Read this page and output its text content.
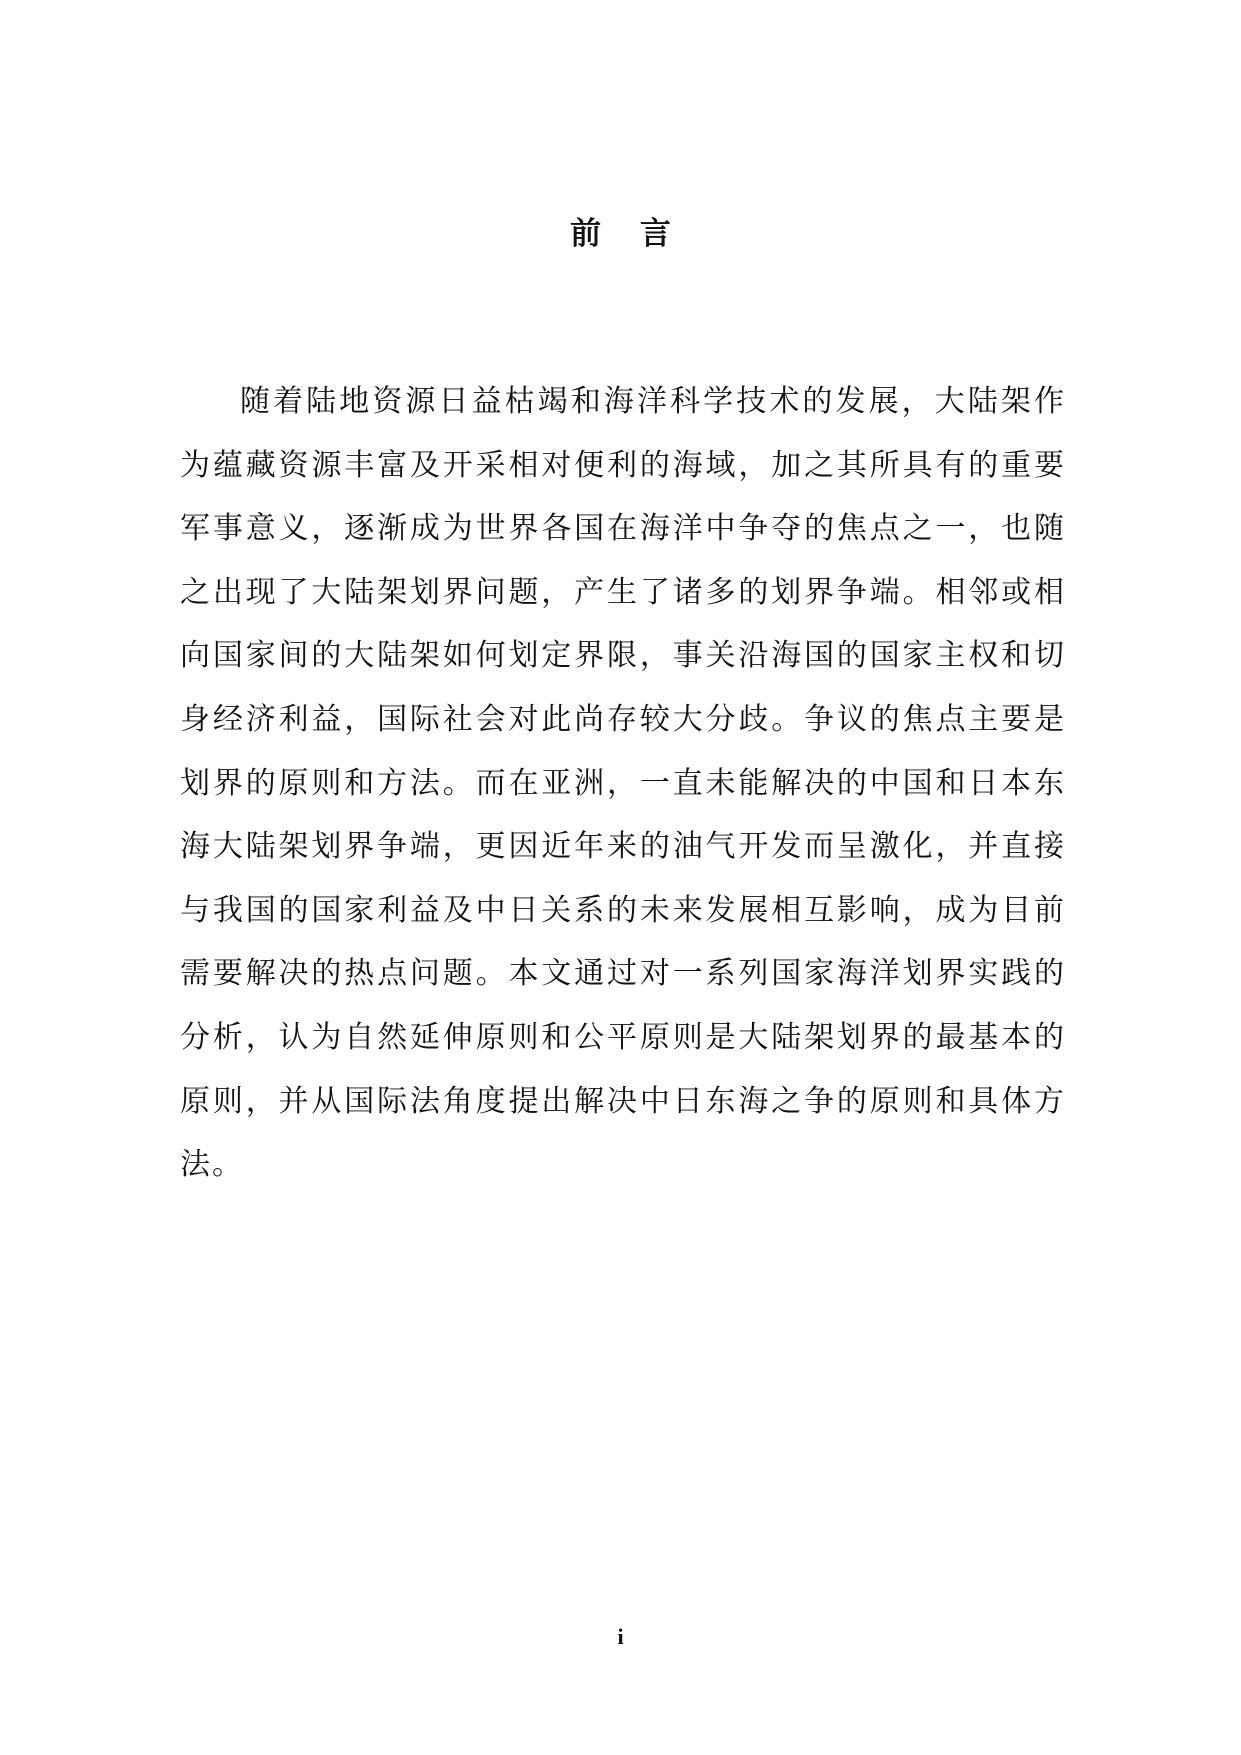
前 言

随着陆地资源日益枯竭和海洋科学技术的发展，大陆架作为蕴藏资源丰富及开采相对便利的海域，加之其所具有的重要军事意义，逐渐成为世界各国在海洋中争夺的焦点之一，也随之出现了大陆架划界问题，产生了诸多的划界争端。相邻或相向国家间的大陆架如何划定界限，事关沿海国的国家主权和切身经济利益，国际社会对此尚存较大分歧。争议的焦点主要是划界的原则和方法。而在亚洲，一直未能解决的中国和日本东海大陆架划界争端，更因近年来的油气开发而呈激化，并直接与我国的国家利益及中日关系的未来发展相互影响，成为目前需要解决的热点问题。本文通过对一系列国家海洋划界实践的分析，认为自然延伸原则和公平原则是大陆架划界的最基本的原则，并从国际法角度提出解决中日东海之争的原则和具体方法。

i
